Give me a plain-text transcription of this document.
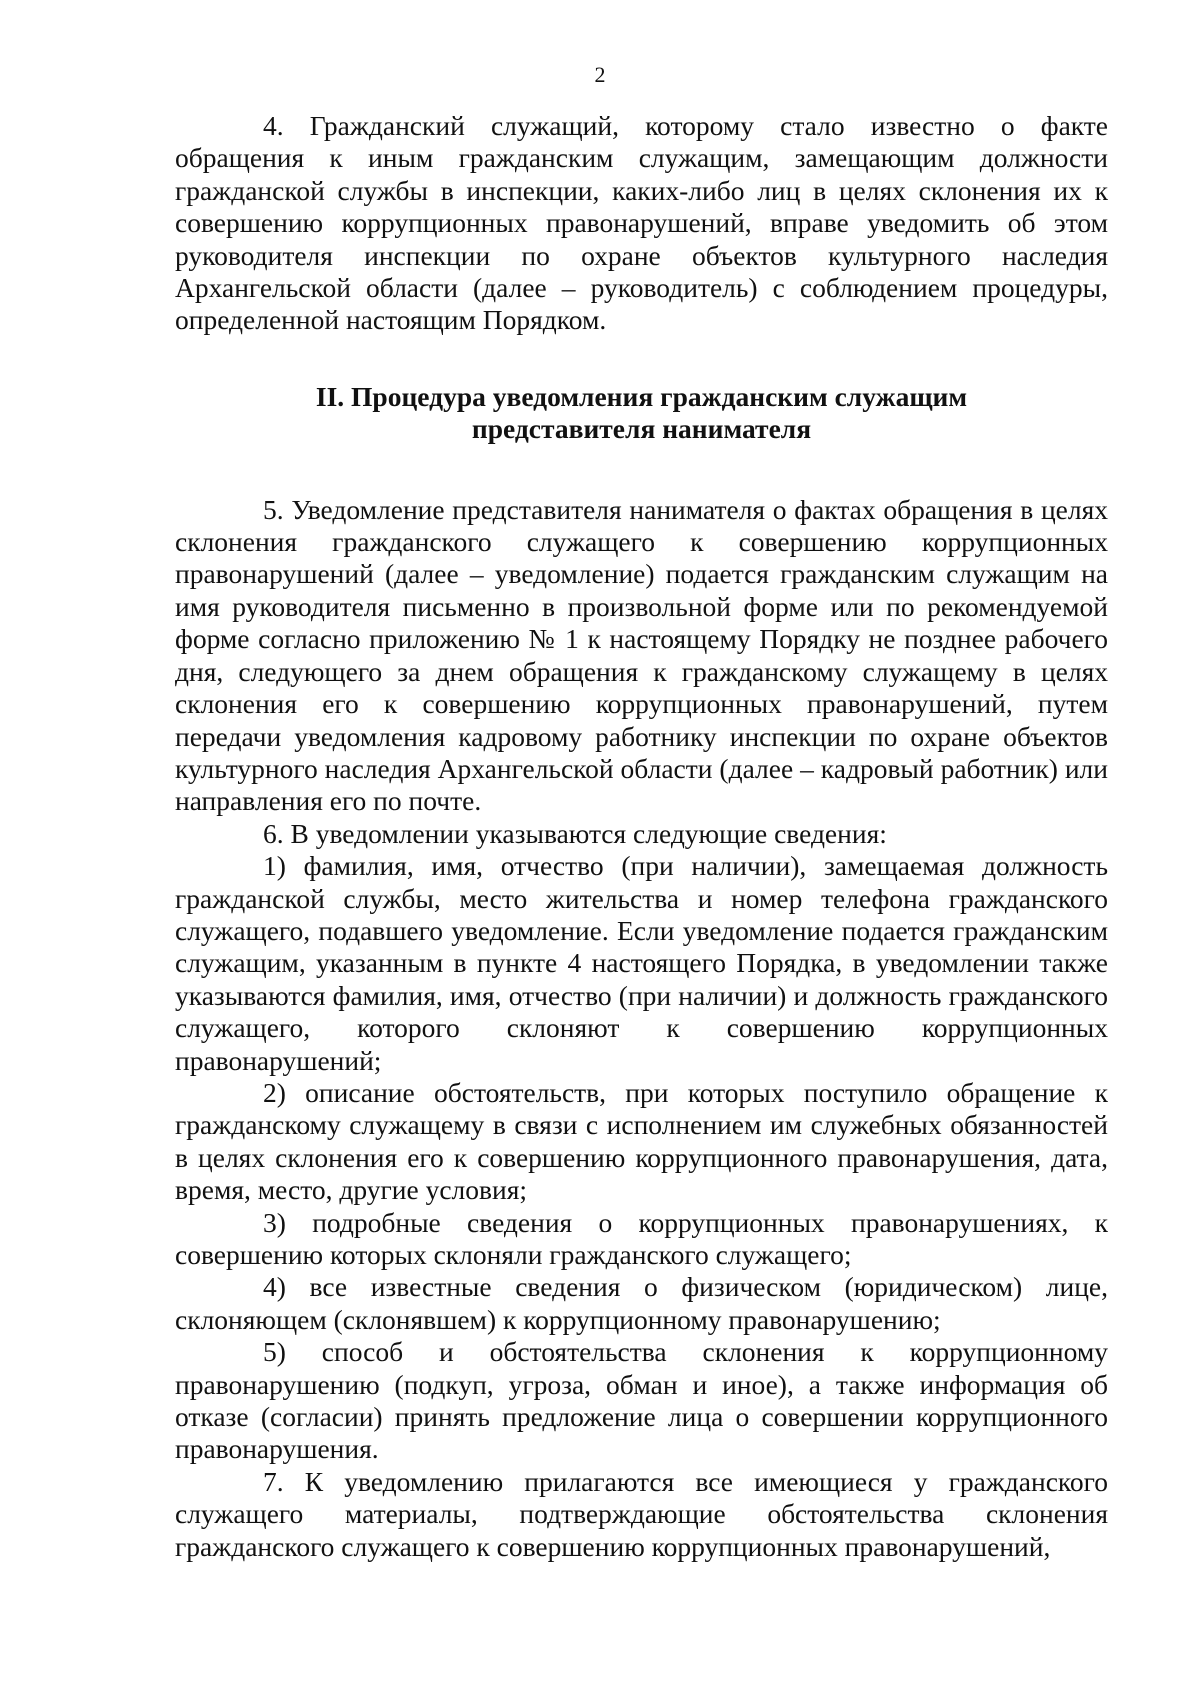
2

4. Гражданский служащий, которому стало известно о факте обращения к иным гражданским служащим, замещающим должности гражданской службы в инспекции, каких-либо лиц в целях склонения их к совершению коррупционных правонарушений, вправе уведомить об этом руководителя инспекции по охране объектов культурного наследия Архангельской области (далее – руководитель) с соблюдением процедуры, определенной настоящим Порядком.

II. Процедура уведомления гражданским служащим
представителя нанимателя

5. Уведомление представителя нанимателя о фактах обращения в целях склонения гражданского служащего к совершению коррупционных правонарушений (далее – уведомление) подается гражданским служащим на имя руководителя письменно в произвольной форме или по рекомендуемой форме согласно приложению № 1 к настоящему Порядку не позднее рабочего дня, следующего за днем обращения к гражданскому служащему в целях склонения его к совершению коррупционных правонарушений, путем передачи уведомления кадровому работнику инспекции по охране объектов культурного наследия Архангельской области (далее – кадровый работник) или направления его по почте.

6. В уведомлении указываются следующие сведения:

1) фамилия, имя, отчество (при наличии), замещаемая должность гражданской службы, место жительства и номер телефона гражданского служащего, подавшего уведомление. Если уведомление подается гражданским служащим, указанным в пункте 4 настоящего Порядка, в уведомлении также указываются фамилия, имя, отчество (при наличии) и должность гражданского служащего, которого склоняют к совершению коррупционных правонарушений;

2) описание обстоятельств, при которых поступило обращение к гражданскому служащему в связи с исполнением им служебных обязанностей в целях склонения его к совершению коррупционного правонарушения, дата, время, место, другие условия;

3) подробные сведения о коррупционных правонарушениях, к совершению которых склоняли гражданского служащего;

4) все известные сведения о физическом (юридическом) лице, склоняющем (склонявшем) к коррупционному правонарушению;

5) способ и обстоятельства склонения к коррупционному правонарушению (подкуп, угроза, обман и иное), а также информация об отказе (согласии) принять предложение лица о совершении коррупционного правонарушения.

7. К уведомлению прилагаются все имеющиеся у гражданского служащего материалы, подтверждающие обстоятельства склонения гражданского служащего к совершению коррупционных правонарушений,
